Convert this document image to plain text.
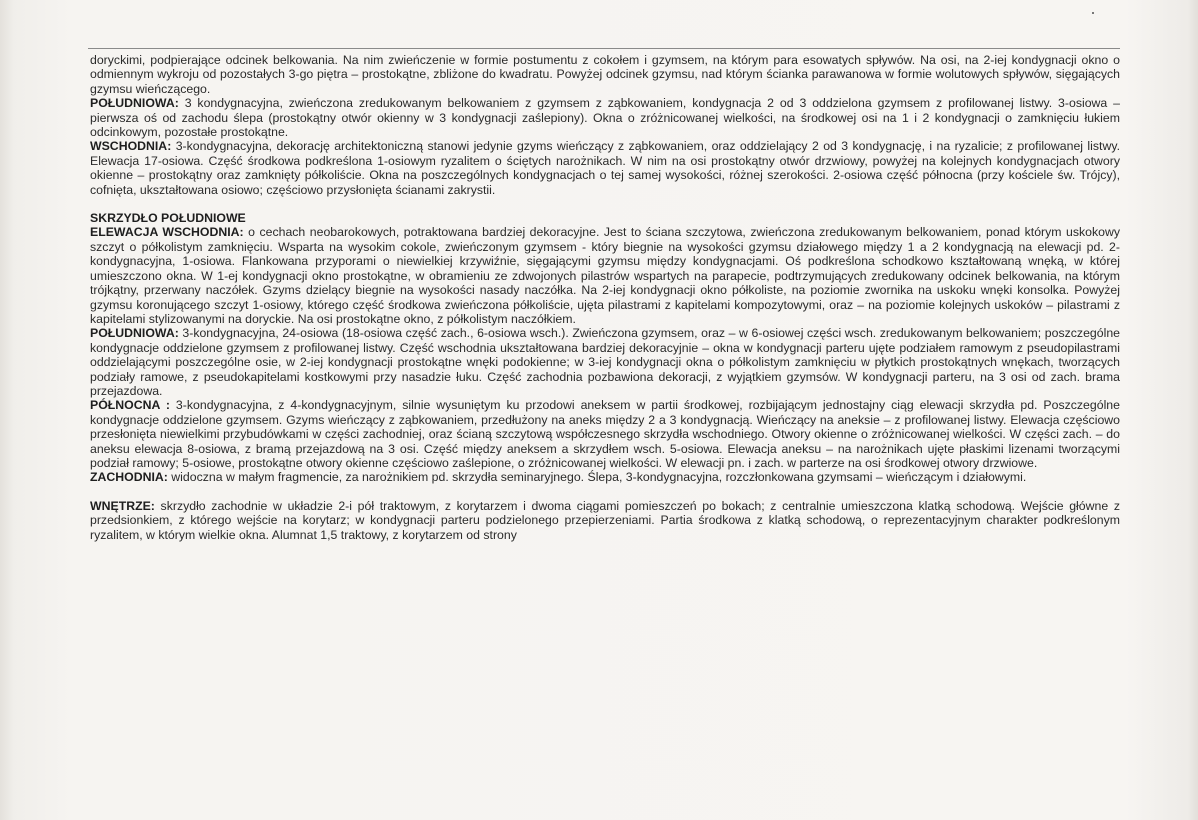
doryckimi, podpierające odcinek belkowania. Na nim zwieńczenie w formie postumentu z cokołem i gzymsem, na którym para esowatych spływów. Na osi, na 2-iej kondygnacji okno o odmiennym wykroju od pozostałych 3-go piętra – prostokątne, zbliżone do kwadratu. Powyżej odcinek gzymsu, nad którym ścianka parawanowa w formie wolutowych spływów, sięgających gzymsu wieńczącego.

POŁUDNIOWA: 3 kondygnacyjna, zwieńczona zredukowanym belkowaniem z gzymsem z ząbkowaniem, kondygnacja 2 od 3 oddzielona gzymsem z profilowanej listwy. 3-osiowa – pierwsza oś od zachodu ślepa (prostokątny otwór okienny w 3 kondygnacji zaślepiony). Okna o zróżnicowanej wielkości, na środkowej osi na 1 i 2 kondygnacji o zamknięciu łukiem odcinkowym, pozostałe prostokątne.

WSCHODNIA: 3-kondygnacyjna, dekorację architektoniczną stanowi jedynie gzyms wieńczący z ząbkowaniem, oraz oddzielający 2 od 3 kondygnację, i na ryzalicie; z profilowanej listwy. Elewacja 17-osiowa. Część środkowa podkreślona 1-osiowym ryzalitem o ściętych narożnikach. W nim na osi prostokątny otwór drzwiowy, powyżej na kolejnych kondygnacjach otwory okienne – prostokątny oraz zamknięty półkoliście. Okna na poszczególnych kondygnacjach o tej samej wysokości, różnej szerokości. 2-osiowa część północna (przy kościele św. Trójcy), cofnięta, ukształtowana osiowo; częściowo przysłonięta ścianami zakrystii.

SKRZYDŁO POŁUDNIOWE

ELEWACJA WSCHODNIA: o cechach neobarokowych, potraktowana bardziej dekoracyjne. Jest to ściana szczytowa, zwieńczona zredukowanym belkowaniem, ponad którym uskokowy szczyt o półkolistym zamknięciu. Wsparta na wysokim cokole, zwieńczonym gzymsem - który biegnie na wysokości gzymsu działowego między 1 a 2 kondygnacją na elewacji pd. 2-kondygnacyjna, 1-osiowa. Flankowana przyporami o niewielkiej krzywiźnie, sięgającymi gzymsu między kondygnacjami. Oś podkreślona schodkowo kształtowaną wnęką, w której umieszczono okna. W 1-ej kondygnacji okno prostokątne, w obramieniu ze zdwojonych pilastrów wspartych na parapecie, podtrzymujących zredukowany odcinek belkowania, na którym trójkątny, przerwany naczółek. Gzyms dzielący biegnie na wysokości nasady naczółka. Na 2-iej kondygnacji okno półkoliste, na poziomie zwornika na uskoku wnęki konsolka. Powyżej gzymsu koronującego szczyt 1-osiowy, którego część środkowa zwieńczona półkoliście, ujęta pilastrami z kapitelami kompozytowymi, oraz – na poziomie kolejnych uskoków – pilastrami z kapitelami stylizowanymi na doryckie. Na osi prostokątne okno, z półkolistym naczółkiem.

POŁUDNIOWA: 3-kondygnacyjna, 24-osiowa (18-osiowa część zach., 6-osiowa wsch.). Zwieńczona gzymsem, oraz – w 6-osiowej części wsch. zredukowanym belkowaniem; poszczególne kondygnacje oddzielone gzymsem z profilowanej listwy. Część wschodnia ukształtowana bardziej dekoracyjnie – okna w kondygnacji parteru ujęte podziałem ramowym z pseudopilastrami oddzielającymi poszczególne osie, w 2-iej kondygnacji prostokątne wnęki podokienne; w 3-iej kondygnacji okna o półkolistym zamknięciu w płytkich prostokątnych wnękach, tworzących podziały ramowe, z pseudokapitelami kostkowymi przy nasadzie łuku. Część zachodnia pozbawiona dekoracji, z wyjątkiem gzymsów. W kondygnacji parteru, na 3 osi od zach. brama przejazdowa.

PÓŁNOCNA : 3-kondygnacyjna, z 4-kondygnacyjnym, silnie wysuniętym ku przodowi aneksem w partii środkowej, rozbijającym jednostajny ciąg elewacji skrzydła pd. Poszczególne kondygnacje oddzielone gzymsem. Gzyms wieńczący z ząbkowaniem, przedłużony na aneks między 2 a 3 kondygnacją. Wieńczący na aneksie – z profilowanej listwy. Elewacja częściowo przesłonięta niewielkimi przybudówkami w części zachodniej, oraz ścianą szczytową współczesnego skrzydła wschodniego. Otwory okienne o zróżnicowanej wielkości. W części zach. – do aneksu elewacja 8-osiowa, z bramą przejazdową na 3 osi. Część między aneksem a skrzydłem wsch. 5-osiowa. Elewacja aneksu – na narożnikach ujęte płaskimi lizenami tworzącymi podział ramowy; 5-osiowe, prostokątne otwory okienne częściowo zaślepione, o zróżnicowanej wielkości. W elewacji pn. i zach. w parterze na osi środkowej otwory drzwiowe.

ZACHODNIA: widoczna w małym fragmencie, za narożnikiem pd. skrzydła seminaryjnego. Ślepa, 3-kondygnacyjna, rozczłonkowana gzymsami – wieńczącym i działowymi.

WNĘTRZE: skrzydło zachodnie w układzie 2-i pół traktowym, z korytarzem i dwoma ciągami pomieszczeń po bokach; z centralnie umieszczona klatką schodową. Wejście główne z przedsionkiem, z którego wejście na korytarz; w kondygnacji parteru podzielonego przepierzeniami. Partia środkowa z klatką schodową, o reprezentacyjnym charakter podkreślonym ryzalitem, w którym wielkie okna. Alumnat 1,5 traktowy, z korytarzem od strony
